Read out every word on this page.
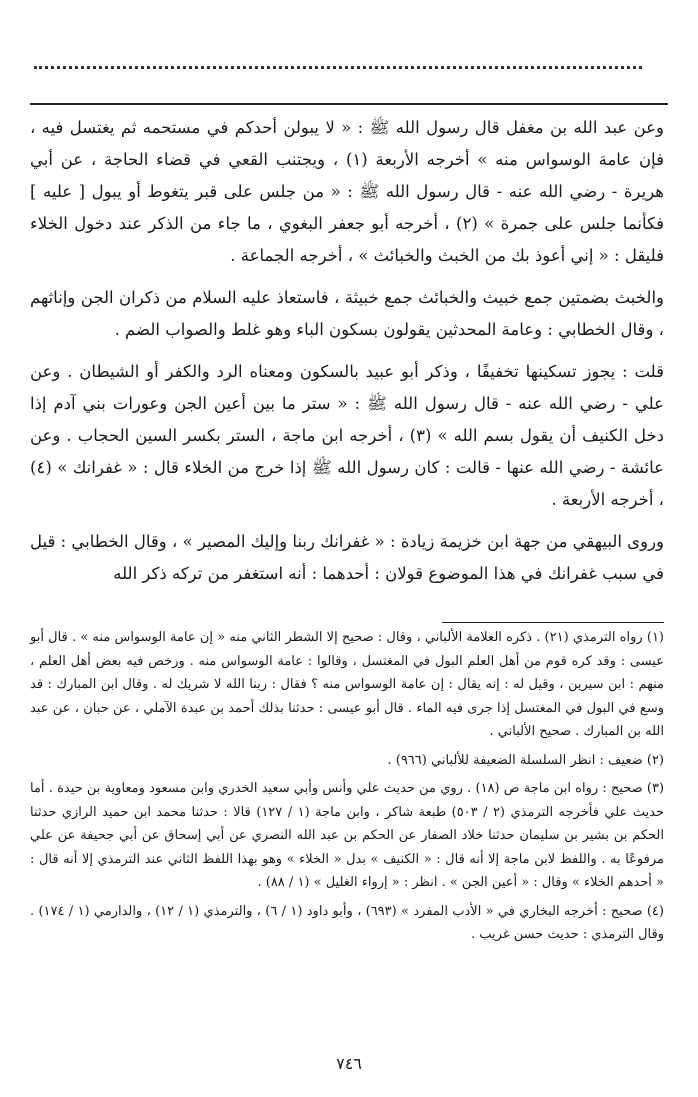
وعن عبد الله بن مغفل قال رسول الله ﷺ : « لا يبولن أحدكم في مستحمه ثم يغتسل فيه ، فإن عامة الوسواس منه » أخرجه الأربعة (١) ، ويجتنب القعي في قضاء الحاجة ، عن أبي هريرة - رضي الله عنه - قال رسول الله ﷺ : « من جلس على قبر يتغوط أو يبول [ عليه ] فكأنما جلس على جمرة » (٢) ، أخرجه أبو جعفر البغوي ، ما جاء من الذكر عند دخول الخلاء فليقل : « إني أعوذ بك من الخبث والخبائث » ، أخرجه الجماعة .

والخبث بضمتين جمع خبيث والخبائث جمع خبيثة ، فاستعاذ عليه السلام من ذكران الجن وإناثهم ، وقال الخطابي : وعامة المحدثين يقولون بسكون الباء وهو غلط والصواب الضم .

قلت : يجوز تسكينها تخفيفًا ، وذكر أبو عبيد بالسكون ومعناه الرد والكفر أو الشيطان . وعن علي - رضي الله عنه - قال رسول الله ﷺ : « ستر ما بين أعين الجن وعورات بني آدم إذا دخل الكنيف أن يقول بسم الله » (٣) ، أخرجه ابن ماجة ، الستر بكسر السين الحجاب . وعن عائشة - رضي الله عنها - قالت : كان رسول الله ﷺ إذا خرج من الخلاء قال : « غفرانك » (٤) ، أخرجه الأربعة .

وروى البيهقي من جهة ابن خزيمة زيادة : « غفرانك ربنا وإليك المصير » ، وقال الخطابي : قيل في سبب غفرانك في هذا الموضوع قولان : أحدهما : أنه استغفر من تركه ذكر الله

(١) رواه الترمذي (٢١) . ذكره العلامة الألباني ، وقال : صحيح إلا الشطر الثاني منه « إن عامة الوسواس منه » . قال أبو عيسى : وقد كره قوم من أهل العلم البول في المغتسل ، وقالوا : عامة الوسواس منه . ورخص فيه بعض أهل العلم ، منهم : ابن سيرين ، وقيل له : إنه يقال : إن عامة الوسواس منه ؟ فقال : ربنا الله لا شريك له . وقال ابن المبارك : قد وسع في البول في المغتسل إذا جرى فيه الماء . قال أبو عيسى : حدثنا بذلك أحمد بن عبدة الآملي ، عن حبان ، عن عبد الله بن المبارك . صحيح الألباني .

(٢) ضعيف : انظر السلسلة الضعيفة للألباني (٩٦٦) .

(٣) صحيح : رواه ابن ماجة ص (١٨) . روي من حديث علي وأنس وأبي سعيد الخدري وابن مسعود ومعاوية بن حيدة . أما حديث علي فأخرجه الترمذي (٢ / ٥٠٣) طبعة شاكر ، وابن ماجة (١ / ١٢٧) قالا : حدثنا محمد ابن حميد الرازي حدثنا الحكم بن بشير بن سليمان حدثنا خلاد الصفار عن الحكم بن عبد الله النصري عن أبي إسحاق عن أبي جحيفة عن علي مرفوعًا به . واللفظ لابن ماجة إلا أنه قال : « الكنيف » بدل « الخلاء » وهو بهذا اللفظ الثاني عند الترمذي إلا أنه قال : « أحدهم الخلاء » وقال : « أعين الجن » . انظر : « إرواء الغليل » (١ / ٨٨) .

(٤) صحيح : أخرجه البخاري في « الأدب المفرد » (٦٩٣) ، وأبو داود (١ / ٦) ، والترمذي (١ / ١٢) ، والدارمي (١ / ١٧٤) . وقال الترمذي : حديث حسن غريب .

٧٤٦
